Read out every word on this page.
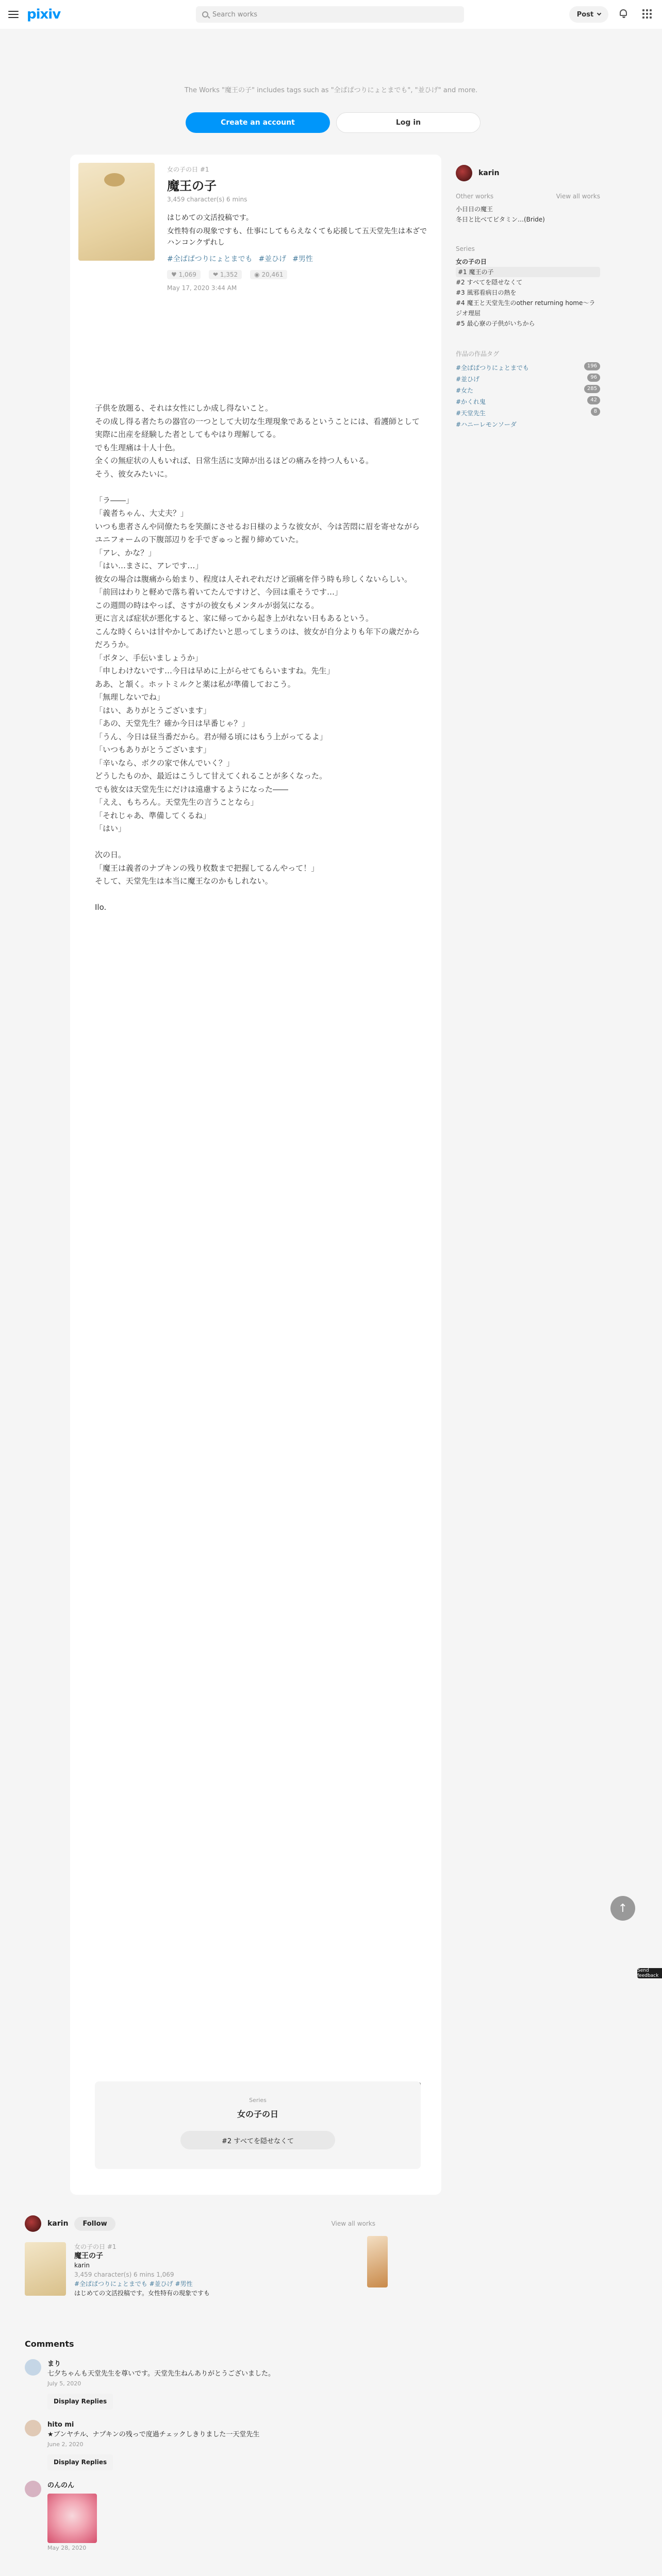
pixiv	Search works	Post

The Works "魔王の子" includes tags such as "全ぱぱつりにょとまでも", "並ひげ" and more.

Create an account	Log in
女の子の日 #1
魔王の子
3,459 character(s) 6 mins
はじめての文活投稿です。
女性特有の現象ですも、仕事にしてもらえなくても応援して五天堂先生は本ざでハンコンクずれし
#全ぱぱつりにょとまでも #並ひげ #男性
♥ 1,069	❤ 1,352	◉ 20,461
May 17, 2020 3:44 AM

子供を放題る、それは女性にしか成し得ないこと。

その成し得る者たちの器官の一つとして大切な生理現象であるということには、看護師として実際に出産を経験した者としてもやはり理解してる。

でも生理痛は十人十色。

全くの無症状の人もいれば、日常生活に支障が出るほどの痛みを持つ人もいる。

そう、彼女みたいに。

「ラ――」

「義者ちゃん、大丈夫？」

いつも患者さんや同僚たちを笑顔にさせるお日様のような彼女が、今は苦悶に眉を寄せながらユニフォームの下腹部辺りを手でぎゅっと握り締めていた。

「アレ、かな？」

「はい…まさに、アレです…」

彼女の場合は腹痛から始まり、程度は人それぞれだけど頭痛を伴う時も珍しくないらしい。

「前回はわりと軽めで落ち着いてたんですけど、今回は重そうです…」

この週間の時はやっぱ、さすがの彼女もメンタルが弱気になる。

更に言えば症状が悪化すると、家に帰ってから起き上がれない日もあるという。

こんな時くらいは甘やかしてあげたいと思ってしまうのは、彼女が自分よりも年下の歳だからだろうか。

「ボタン、手伝いましょうか」

「申しわけないです…今日は早めに上がらせてもらいますね。先生」

ああ、と頷く。ホットミルクと薬は私が準備しておこう。

「無理しないでね」

「はい、ありがとうございます」

「あの、天堂先生？確か今日は早番じゃ？」

「うん、今日は昼当番だから。君が帰る頃にはもう上がってるよ」

「いつもありがとうございます」

「辛いなら、ボクの家で休んでいく？」

どうしたものか、最近はこうして甘えてくれることが多くなった。

でも彼女は天堂先生にだけは遠慮するようになった――

「ええ、もちろん。天堂先生の言うことなら」

「それじゃあ、準備してくるね」

「はい」

次の日。

「魔王は義者のナプキンの残り枚数まで把握してるんやって！」

そして、天堂先生は本当に魔王なのかもしれない。

Ilo.

Series
女の子の日
#2 すべてを隠せなくて
karin	Follow	View all works
女の子の日 #1
魔王の子
karin
3,459 character(s) 6 mins 1,069
#全ぱぱつりにょとまでも #並ひげ #男性
はじめての文活投稿です。女性特有の現象ですも
Comments
まり
七夕ちゃんも天堂先生を尊いです。天堂先生ねんありがとうございました。
July 5, 2020
Display Replies
hito mi
★ブンヤチル、ナプキンの残っで度過チェックしきりました一天堂先生
June 2, 2020
Display Replies
のんのん
May 28, 2020
karin
Other works	View all works
小日日の魔王
冬日と比べてビタミン…(Bride)
Series
女の子の日
#1 魔王の子
#2 すべてを隠せなくて
#3 風邪看病日の熱を
#4 魔王と天堂先生のother returning home～ラジオ理屈
#5 最心寮の子供がいちから
作品の作品タグ
#全ぱぱつりにょとまでも	196
#並ひげ	96
#女た	285
#かくれ鬼	42
#天堂先生	8
#ハニーレモンソーダ
↑
Send feedback
